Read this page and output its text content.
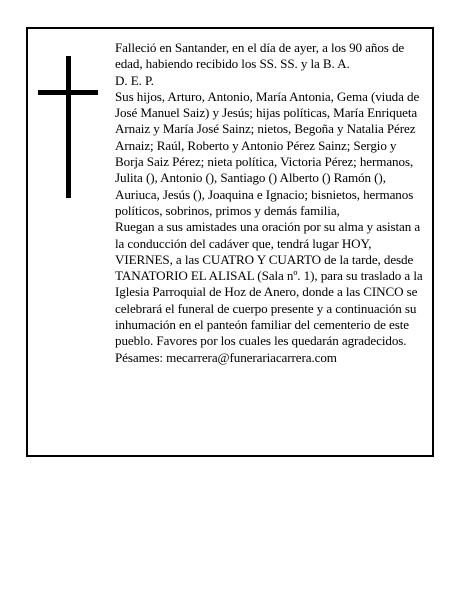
Falleció en Santander, en el día de ayer, a los 90 años de edad, habiendo recibido los SS. SS. y la B. A.

D. E. P.

Sus hijos, Arturo, Antonio, María Antonia, Gema (viuda de José Manuel Saiz) y Jesús; hijas políticas, María Enriqueta Arnaiz y María José Sainz; nietos, Begoña y Natalia Pérez Arnaiz; Raúl, Roberto y Antonio Pérez Sainz; Sergio y Borja Saiz Pérez; nieta política, Victoria Pérez; hermanos, Julita (), Antonio (), Santiago () Alberto () Ramón (), Auriuca, Jesús (), Joaquina e Ignacio; bisnietos, hermanos políticos, sobrinos, primos y demás familia,

Ruegan a sus amistades una oración por su alma y asistan a la conducción del cadáver que, tendrá lugar HOY, VIERNES, a las CUATRO Y CUARTO de la tarde, desde TANATORIO EL ALISAL (Sala nº. 1), para su traslado a la Iglesia Parroquial de Hoz de Anero, donde a las CINCO se celebrará el funeral de cuerpo presente y a continuación su inhumación en el panteón familiar del cementerio de este pueblo. Favores por los cuales les quedarán agradecidos.

Pésames: mecarrera@funerariacarrera.com
